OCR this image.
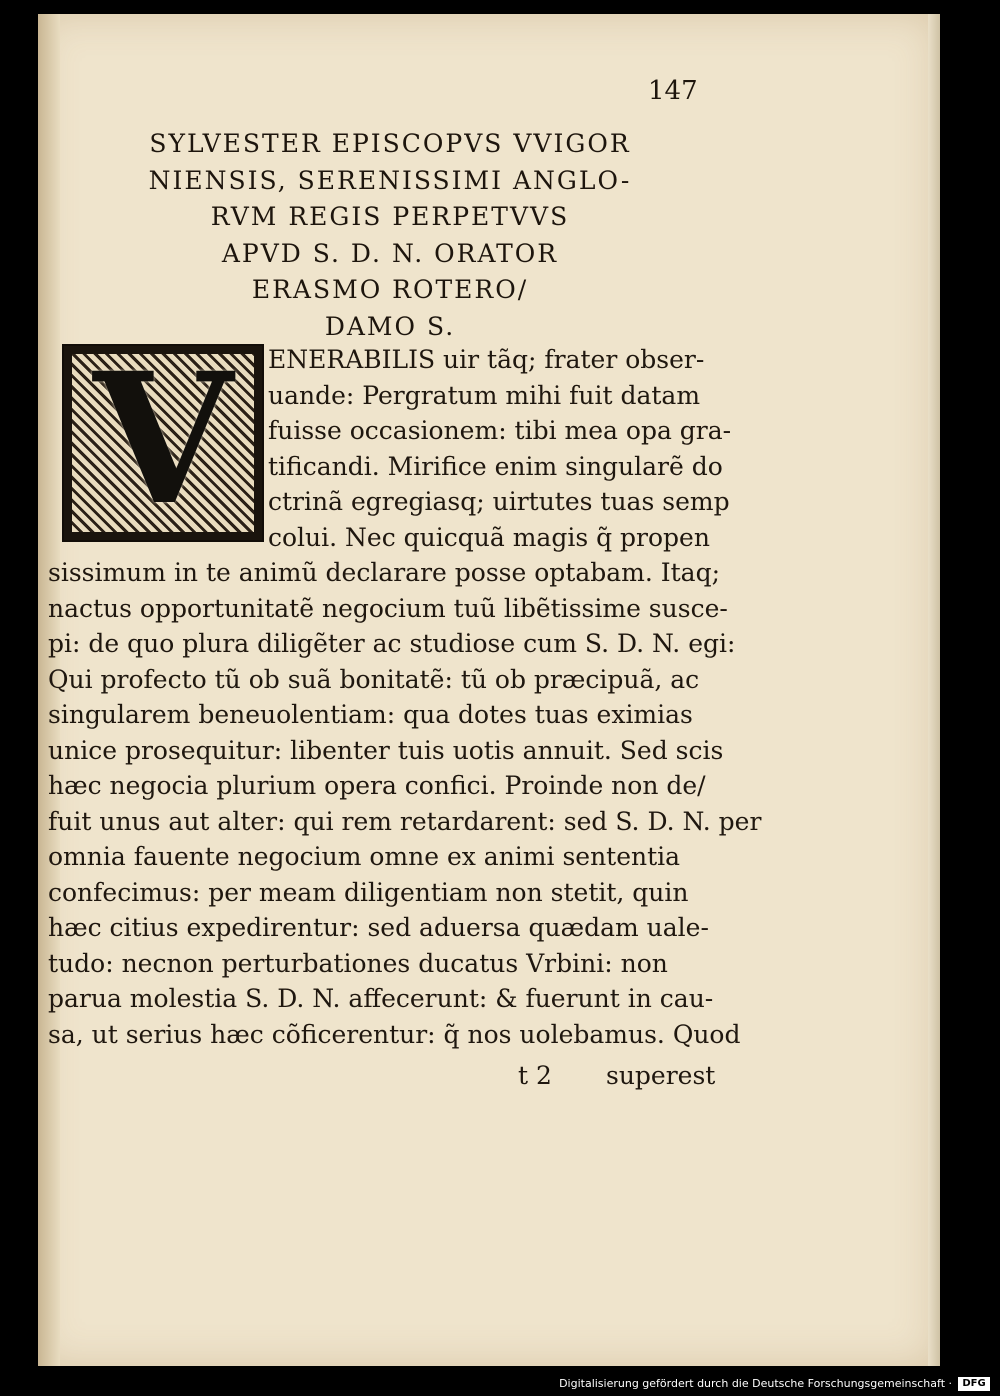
147
SYLVESTER EPISCOPVS VVIGOR
NIENSIS, SERENISSIMI ANGLO-
RVM REGIS PERPETVVS
APVD S. D. N. ORATOR
ERASMO ROTERO/
DAMO S.
V	ENERABILIS uir tãq; frater obser-
uande: Pergratum mihi fuit datam
fuisse occasionem: tibi mea opa gra-
tificandi. Mirifice enim singularẽ do
ctrinã egregiasq; uirtutes tuas semp
colui. Nec quicquã magis q̃ propen
sissimum in te animũ declarare posse optabam. Itaq;
nactus opportunitatẽ negocium tuũ libẽtissime susce-
pi: de quo plura diligẽter ac studiose cum S. D. N. egi:
Qui profecto tũ ob suã bonitatẽ: tũ ob præcipuã, ac
singularem beneuolentiam: qua dotes tuas eximias
unice prosequitur: libenter tuis uotis annuit. Sed scis
hæc negocia plurium opera confici. Proinde non de/
fuit unus aut alter: qui rem retardarent: sed S. D. N. per
omnia fauente negocium omne ex animi sententia
confecimus: per meam diligentiam non stetit, quin
hæc citius expedirentur: sed aduersa quædam uale-
tudo: necnon perturbationes ducatus Vrbini: non
parua molestia S. D. N. affecerunt: & fuerunt in cau-
sa, ut serius hæc cõficerentur: q̃ nos uolebamus. Quod
t 2 superest
Digitalisierung gefördert durch die Deutsche Forschungsgemeinschaft ·	DFG
